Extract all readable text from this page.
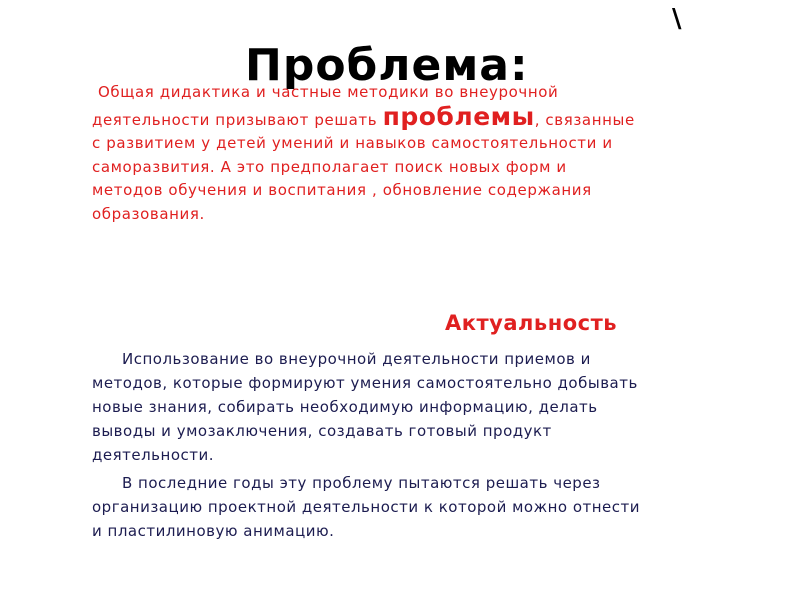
\
Проблема:
Общая дидактика и частные методики во внеурочной
деятельности призывают решать проблемы, связанные
с развитием у детей умений и навыков самостоятельности и
саморазвития. А это предполагает поиск новых форм и
методов обучения и воспитания , обновление содержания
образования.
Актуальность
Использование во внеурочной деятельности приемов и
методов, которые формируют умения самостоятельно добывать
новые знания, собирать необходимую информацию, делать
выводы и умозаключения, создавать готовый продукт
деятельности.
В последние годы эту проблему пытаются решать через
организацию проектной деятельности к которой можно отнести
и пластилиновую анимацию.
